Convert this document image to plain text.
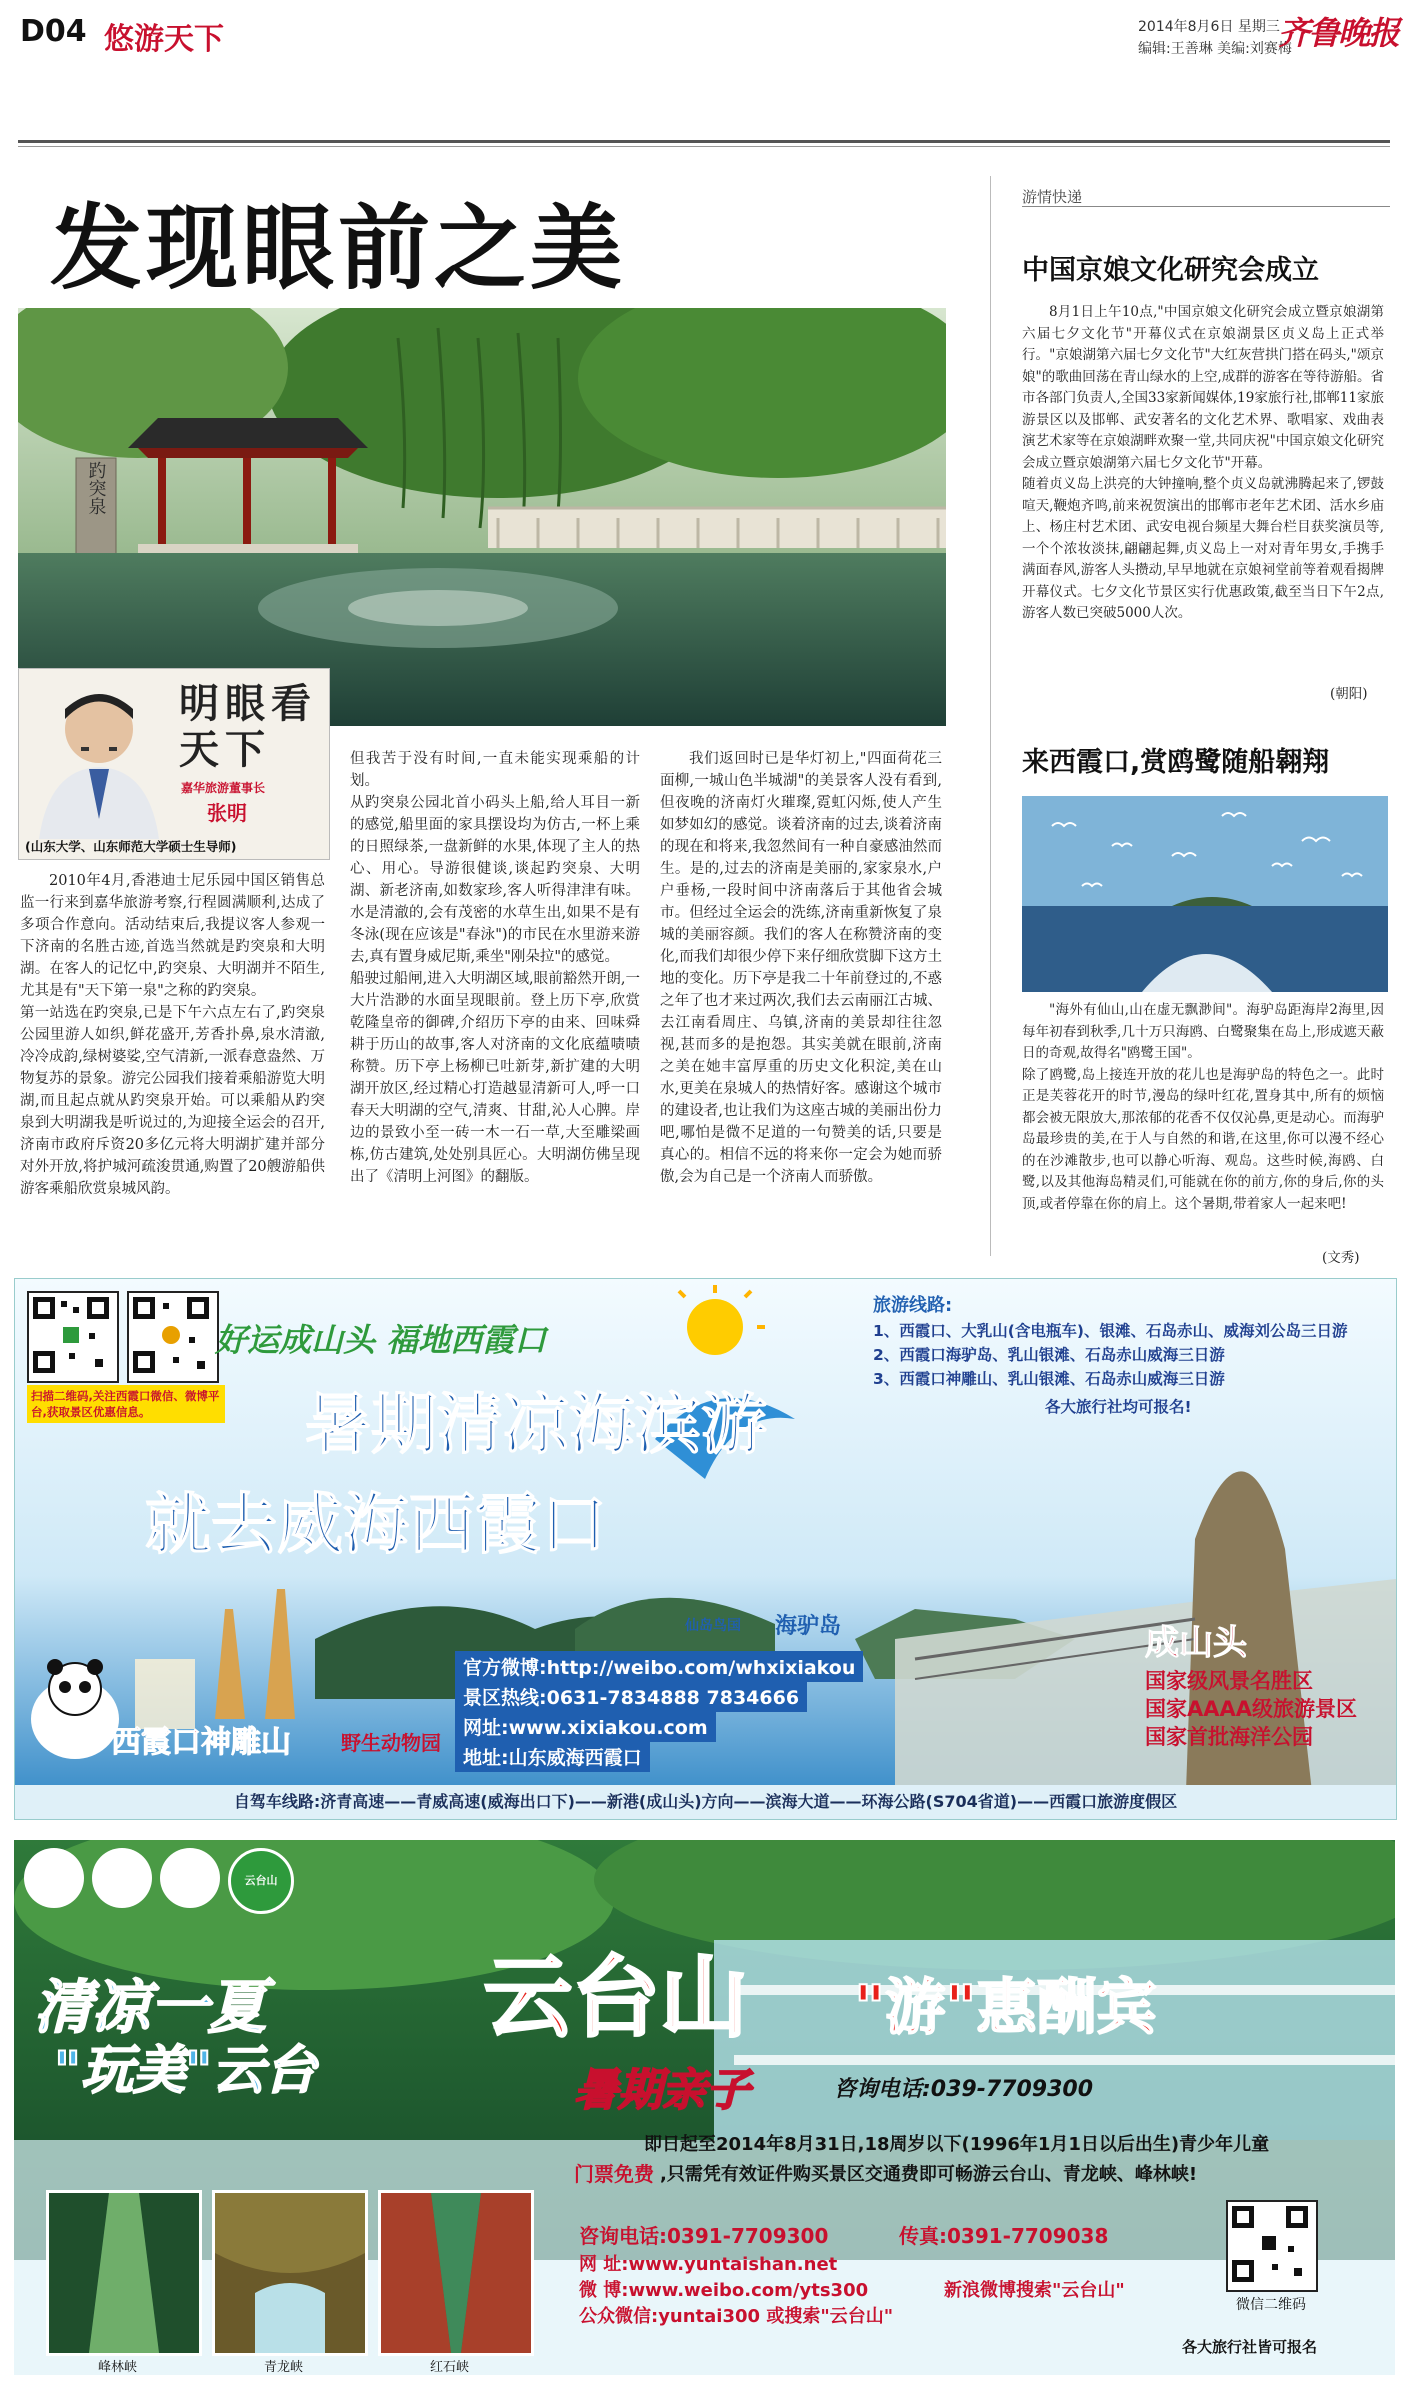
D04 悠游天下	2014年8月6日 星期三
编辑:王善琳 美编:刘赛梅
齐鲁晚报
发现眼前之美
趵突泉
明眼看天下
嘉华旅游董事长
张明
(山东大学、山东师范大学硕士生导师)

2010年4月,香港迪士尼乐园中国区销售总监一行来到嘉华旅游考察,行程圆满顺利,达成了多项合作意向。活动结束后,我提议客人参观一下济南的名胜古迹,首选当然就是趵突泉和大明湖。在客人的记忆中,趵突泉、大明湖并不陌生,尤其是有"天下第一泉"之称的趵突泉。
第一站选在趵突泉,已是下午六点左右了,趵突泉公园里游人如织,鲜花盛开,芳香扑鼻,泉水清澈,冷冷成韵,绿树婆娑,空气清新,一派春意盎然、万物复苏的景象。游完公园我们接着乘船游览大明湖,而且起点就从趵突泉开始。可以乘船从趵突泉到大明湖我是听说过的,为迎接全运会的召开,济南市政府斥资20多亿元将大明湖扩建并部分对外开放,将护城河疏浚贯通,购置了20艘游船供游客乘船欣赏泉城风韵。

但我苦于没有时间,一直未能实现乘船的计划。
从趵突泉公园北首小码头上船,给人耳目一新的感觉,船里面的家具摆设均为仿古,一杯上乘的日照绿茶,一盘新鲜的水果,体现了主人的热心、用心。导游很健谈,谈起趵突泉、大明湖、新老济南,如数家珍,客人听得津津有味。水是清澈的,会有茂密的水草生出,如果不是有冬泳(现在应该是"春泳")的市民在水里游来游去,真有置身威尼斯,乘坐"刚朵拉"的感觉。
船驶过船闸,进入大明湖区域,眼前豁然开朗,一大片浩渺的水面呈现眼前。登上历下亭,欣赏乾隆皇帝的御碑,介绍历下亭的由来、回味舜耕于历山的故事,客人对济南的文化底蕴啧啧称赞。历下亭上杨柳已吐新芽,新扩建的大明湖开放区,经过精心打造越显清新可人,呼一口春天大明湖的空气,清爽、甘甜,沁人心脾。岸边的景致小至一砖一木一石一草,大至雕梁画栋,仿古建筑,处处别具匠心。大明湖仿佛呈现出了《清明上河图》的翻版。

我们返回时已是华灯初上,"四面荷花三面柳,一城山色半城湖"的美景客人没有看到,但夜晚的济南灯火璀璨,霓虹闪烁,使人产生如梦如幻的感觉。谈着济南的过去,谈着济南的现在和将来,我忽然间有一种自豪感油然而生。是的,过去的济南是美丽的,家家泉水,户户垂杨,一段时间中济南落后于其他省会城市。但经过全运会的洗练,济南重新恢复了泉城的美丽容颜。我们的客人在称赞济南的变化,而我们却很少停下来仔细欣赏脚下这方土地的变化。历下亭是我二十年前登过的,不惑之年了也才来过两次,我们去云南丽江古城、去江南看周庄、乌镇,济南的美景却往往忽视,甚而多的是抱怨。其实美就在眼前,济南之美在她丰富厚重的历史文化积淀,美在山水,更美在泉城人的热情好客。感谢这个城市的建设者,也让我们为这座古城的美丽出份力吧,哪怕是微不足道的一句赞美的话,只要是真心的。相信不远的将来你一定会为她而骄傲,会为自己是一个济南人而骄傲。

游情快递
中国京娘文化研究会成立

8月1日上午10点,"中国京娘文化研究会成立暨京娘湖第六届七夕文化节"开幕仪式在京娘湖景区贞义岛上正式举行。"京娘湖第六届七夕文化节"大红灰营拱门搭在码头,"颂京娘"的歌曲回荡在青山绿水的上空,成群的游客在等待游船。省市各部门负责人,全国33家新闻媒体,19家旅行社,邯郸11家旅游景区以及邯郸、武安著名的文化艺术界、歌唱家、戏曲表演艺术家等在京娘湖畔欢聚一堂,共同庆祝"中国京娘文化研究会成立暨京娘湖第六届七夕文化节"开幕。
随着贞义岛上洪亮的大钟撞响,整个贞义岛就沸腾起来了,锣鼓喧天,鞭炮齐鸣,前来祝贺演出的邯郸市老年艺术团、活水乡庙上、杨庄村艺术团、武安电视台频星大舞台栏目获奖演员等,一个个浓妆淡抹,翩翩起舞,贞义岛上一对对青年男女,手携手满面春风,游客人头攒动,早早地就在京娘祠堂前等着观看揭牌开幕仪式。七夕文化节景区实行优惠政策,截至当日下午2点,游客人数已突破5000人次。

(朝阳)
来西霞口,赏鸥鹭随船翱翔

"海外有仙山,山在虚无飘渺间"。海驴岛距海岸2海里,因每年初春到秋季,几十万只海鸥、白鹭聚集在岛上,形成遮天蔽日的奇观,故得名"鸥鹭王国"。
除了鸥鹭,岛上接连开放的花儿也是海驴岛的特色之一。此时正是芙蓉花开的时节,漫岛的绿叶红花,置身其中,所有的烦恼都会被无限放大,那浓郁的花香不仅仅沁鼻,更是动心。而海驴岛最珍贵的美,在于人与自然的和谐,在这里,你可以漫不经心的在沙滩散步,也可以静心听海、观岛。这些时候,海鸥、白鹭,以及其他海岛精灵们,可能就在你的前方,你的身后,你的头顶,或者停靠在你的肩上。这个暑期,带着家人一起来吧!

(文秀)
扫描二维码,关注西霞口微信、微博平台,获取景区优惠信息。
好运成山头 福地西霞口
暑期清凉海滨游
就去威海西霞口
旅游线路:
1、西霞口、大乳山(含电瓶车)、银滩、石岛赤山、威海刘公岛三日游
2、西霞口海驴岛、乳山银滩、石岛赤山威海三日游
3、西霞口神雕山、乳山银滩、石岛赤山威海三日游
各大旅行社均可报名!
仙岛鸟国 海驴岛
官方微博:http://weibo.com/whxixiakou
景区热线:0631-7834888 7834666
网址:www.xixiakou.com
地址:山东威海西霞口
西霞口神雕山	野生动物园
成山头
国家级风景名胜区
国家AAAA级旅游景区
国家首批海洋公园
自驾车线路:济青高速——青威高速(威海出口下)——新港(成山头)方向——滨海大道——环海公路(S704省道)——西霞口旅游度假区
云台山
清凉一夏
"玩美"云台
云台山 "游"惠酬宾
暑期亲子	咨询电话:039-7709300
即日起至2014年8月31日,18周岁以下(1996年1月1日以后出生)青少年儿童
门票免费 ,只需凭有效证件购买景区交通费即可畅游云台山、青龙峡、峰林峡!
峰林峡	青龙峡	红石峡
咨询电话:0391-7709300	传真:0391-7709038
网 址:www.yuntaishan.net
微 博:www.weibo.com/yts300	新浪微博搜索"云台山"
公众微信:yuntai300 或搜索"云台山"
微信二维码
各大旅行社皆可报名
